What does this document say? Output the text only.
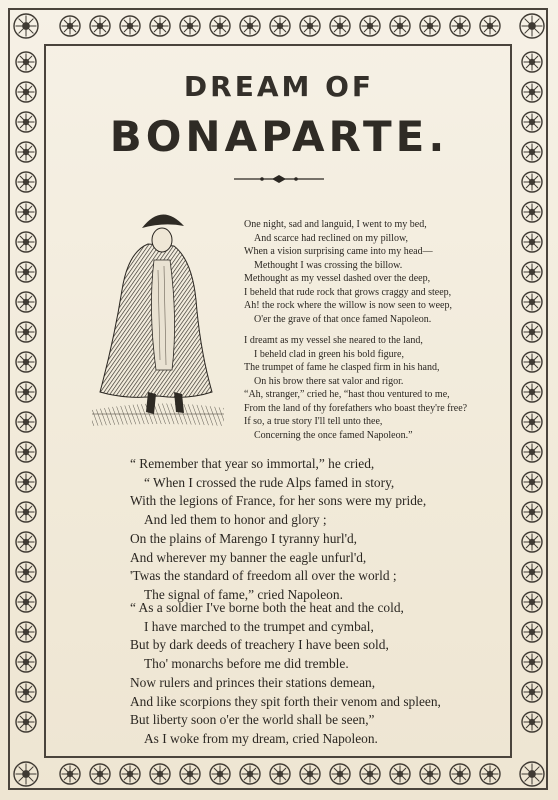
DREAM OF
BONAPARTE.
One night, sad and languid, I went to my bed,
And scarce had reclined on my pillow,
When a vision surprising came into my head—
Methought I was crossing the billow.
Methought as my vessel dashed over the deep,
I beheld that rude rock that grows craggy and steep,
Ah! the rock where the willow is now seen to weep,
O'er the grave of that once famed Napoleon.
I dreamt as my vessel she neared to the land,
I beheld clad in green his bold figure,
The trumpet of fame he clasped firm in his hand,
On his brow there sat valor and rigor.
“Ah, stranger,” cried he, “hast thou ventured to me,
From the land of thy forefathers who boast they're free?
If so, a true story I'll tell unto thee,
Concerning the once famed Napoleon.”
“ Remember that year so immortal,” he cried,
“ When I crossed the rude Alps famed in story,
With the legions of France, for her sons were my pride,
And led them to honor and glory ;
On the plains of Marengo I tyranny hurl'd,
And wherever my banner the eagle unfurl'd,
'Twas the standard of freedom all over the world ;
The signal of fame,” cried Napoleon.
“ As a soldier I've borne both the heat and the cold,
I have marched to the trumpet and cymbal,
But by dark deeds of treachery I have been sold,
Tho' monarchs before me did tremble.
Now rulers and princes their stations demean,
And like scorpions they spit forth their venom and spleen,
But liberty soon o'er the world shall be seen,”
As I woke from my dream, cried Napoleon.
